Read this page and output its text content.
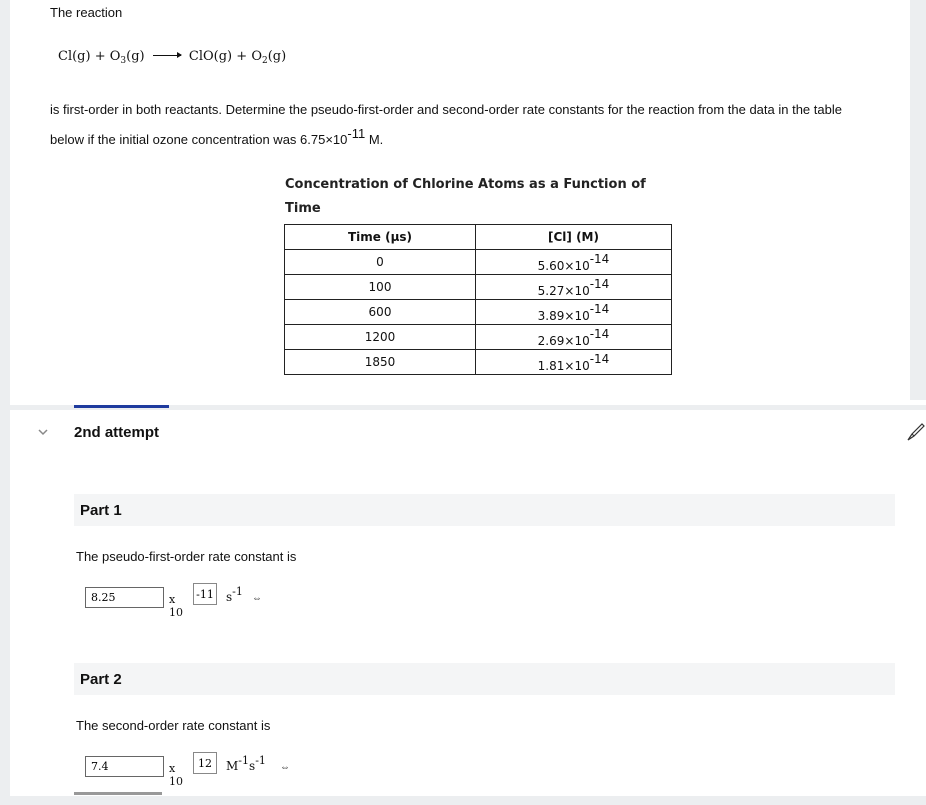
The reaction
$Cl(g) + O_3(g) \to ClO(g) + O_2(g)$
is first-order in both reactants. Determine the pseudo-first-order and second-order rate constants for the reaction from the data in the table
below if the initial ozone concentration was $6.75\times 10^{-11}$ M.
Concentration of Chlorine Atoms as a Function of Time
Time (μs)	[Cl] (M)
0	$5.60\times 10^{-14}$
100	$5.27\times 10^{-14}$
600	$3.89\times 10^{-14}$
1200	$2.69\times 10^{-14}$
1850	$1.81\times 10^{-14}$
2nd attempt
Part 1
The pseudo-first-order rate constant is
8.25
x 10
-11
$s^{-1}$
⇔
Part 2
The second-order rate constant is
7.4
x 10
12
$M^{-1}s^{-1}$
⇔
